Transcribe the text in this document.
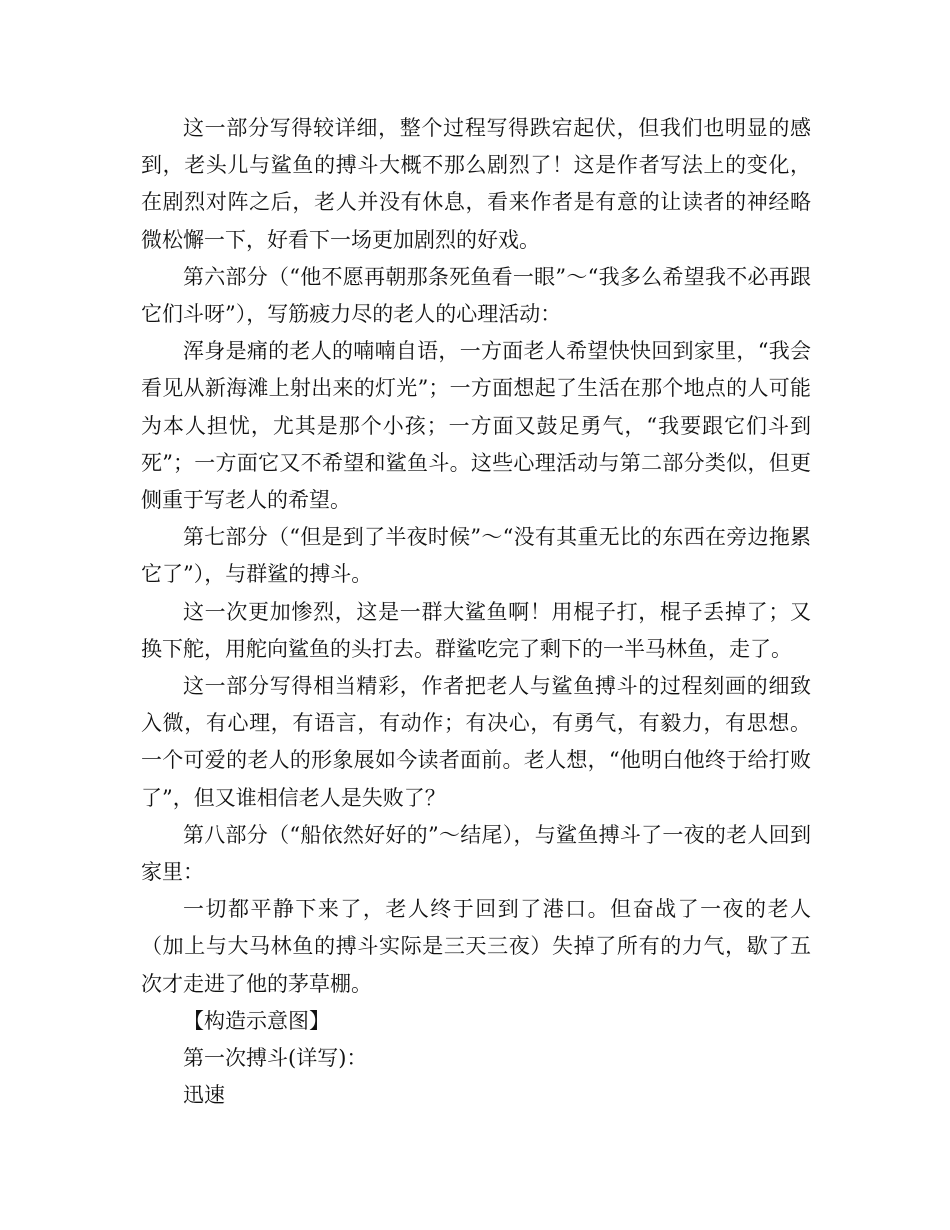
这一部分写得较详细，整个过程写得跌宕起伏，但我们也明显的感到，老头儿与鲨鱼的搏斗大概不那么剧烈了！这是作者写法上的变化，在剧烈对阵之后，老人并没有休息，看来作者是有意的让读者的神经略微松懈一下，好看下一场更加剧烈的好戏。

第六部分（“他不愿再朝那条死鱼看一眼”～“我多么希望我不必再跟它们斗呀”），写筋疲力尽的老人的心理活动：

浑身是痛的老人的喃喃自语，一方面老人希望快快回到家里，“我会看见从新海滩上射出来的灯光”；一方面想起了生活在那个地点的人可能为本人担忧，尤其是那个小孩；一方面又鼓足勇气，“我要跟它们斗到死”；一方面它又不希望和鲨鱼斗。这些心理活动与第二部分类似，但更侧重于写老人的希望。

第七部分（“但是到了半夜时候”～“没有其重无比的东西在旁边拖累它了”），与群鲨的搏斗。

这一次更加惨烈，这是一群大鲨鱼啊！用棍子打，棍子丢掉了；又换下舵，用舵向鲨鱼的头打去。群鲨吃完了剩下的一半马林鱼，走了。

这一部分写得相当精彩，作者把老人与鲨鱼搏斗的过程刻画的细致入微，有心理，有语言，有动作；有决心，有勇气，有毅力，有思想。一个可爱的老人的形象展如今读者面前。老人想，“他明白他终于给打败了”，但又谁相信老人是失败了？

第八部分（“船依然好好的”～结尾），与鲨鱼搏斗了一夜的老人回到家里：

一切都平静下来了，老人终于回到了港口。但奋战了一夜的老人（加上与大马林鱼的搏斗实际是三天三夜）失掉了所有的力气，歇了五次才走进了他的茅草棚。

【构造示意图】

第一次搏斗(详写)：

迅速
